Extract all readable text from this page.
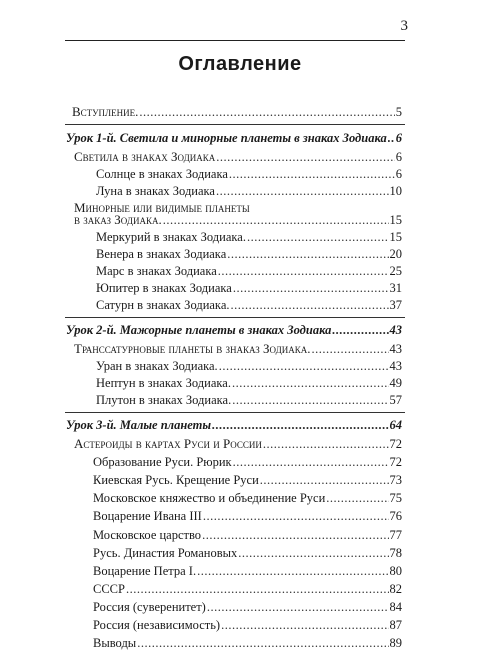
3
Оглавление
Вступление. .....	5
Урок 1-й. Светила и минорные планеты в знаках Зодиака ..... 6
Светила в знаках Зодиака .....	6
Солнце в знаках Зодиака .....	6
Луна в знаках Зодиака .....	10
Минорные или видимые планеты
в заказ Зодиака. .....	15
Меркурий в знаках Зодиака. .....	15
Венера в знаках Зодиака .....	20
Марс в знаках Зодиака .....	25
Юпитер в знаках Зодиака .....	31
Сатурн в знаках Зодиака. .....	37
Урок 2-й. Мажорные планеты в знаках Зодиака .....	43
Транссатурновые планеты в знаказ Зодиака. .....	43
Уран в знаках Зодиака. .....	43
Нептун в знаках Зодиака. .....	49
Плутон в знаках Зодиака. .....	57
Урок 3-й. Малые планеты .....	64
Астероиды в картах Руси и России .....	72
Образование Руси. Рюрик .....	72
Киевская Русь. Крещение Руси .....	73
Московское княжество и объединение Руси .....	75
Воцарение Ивана III .....	76
Московское царство .....	77
Русь. Династия Романовых .....	78
Воцарение Петра I. .....	80
СССР .....	82
Россия (суверенитет) .....	84
Россия (независимость) .....	87
Выводы .....	89
